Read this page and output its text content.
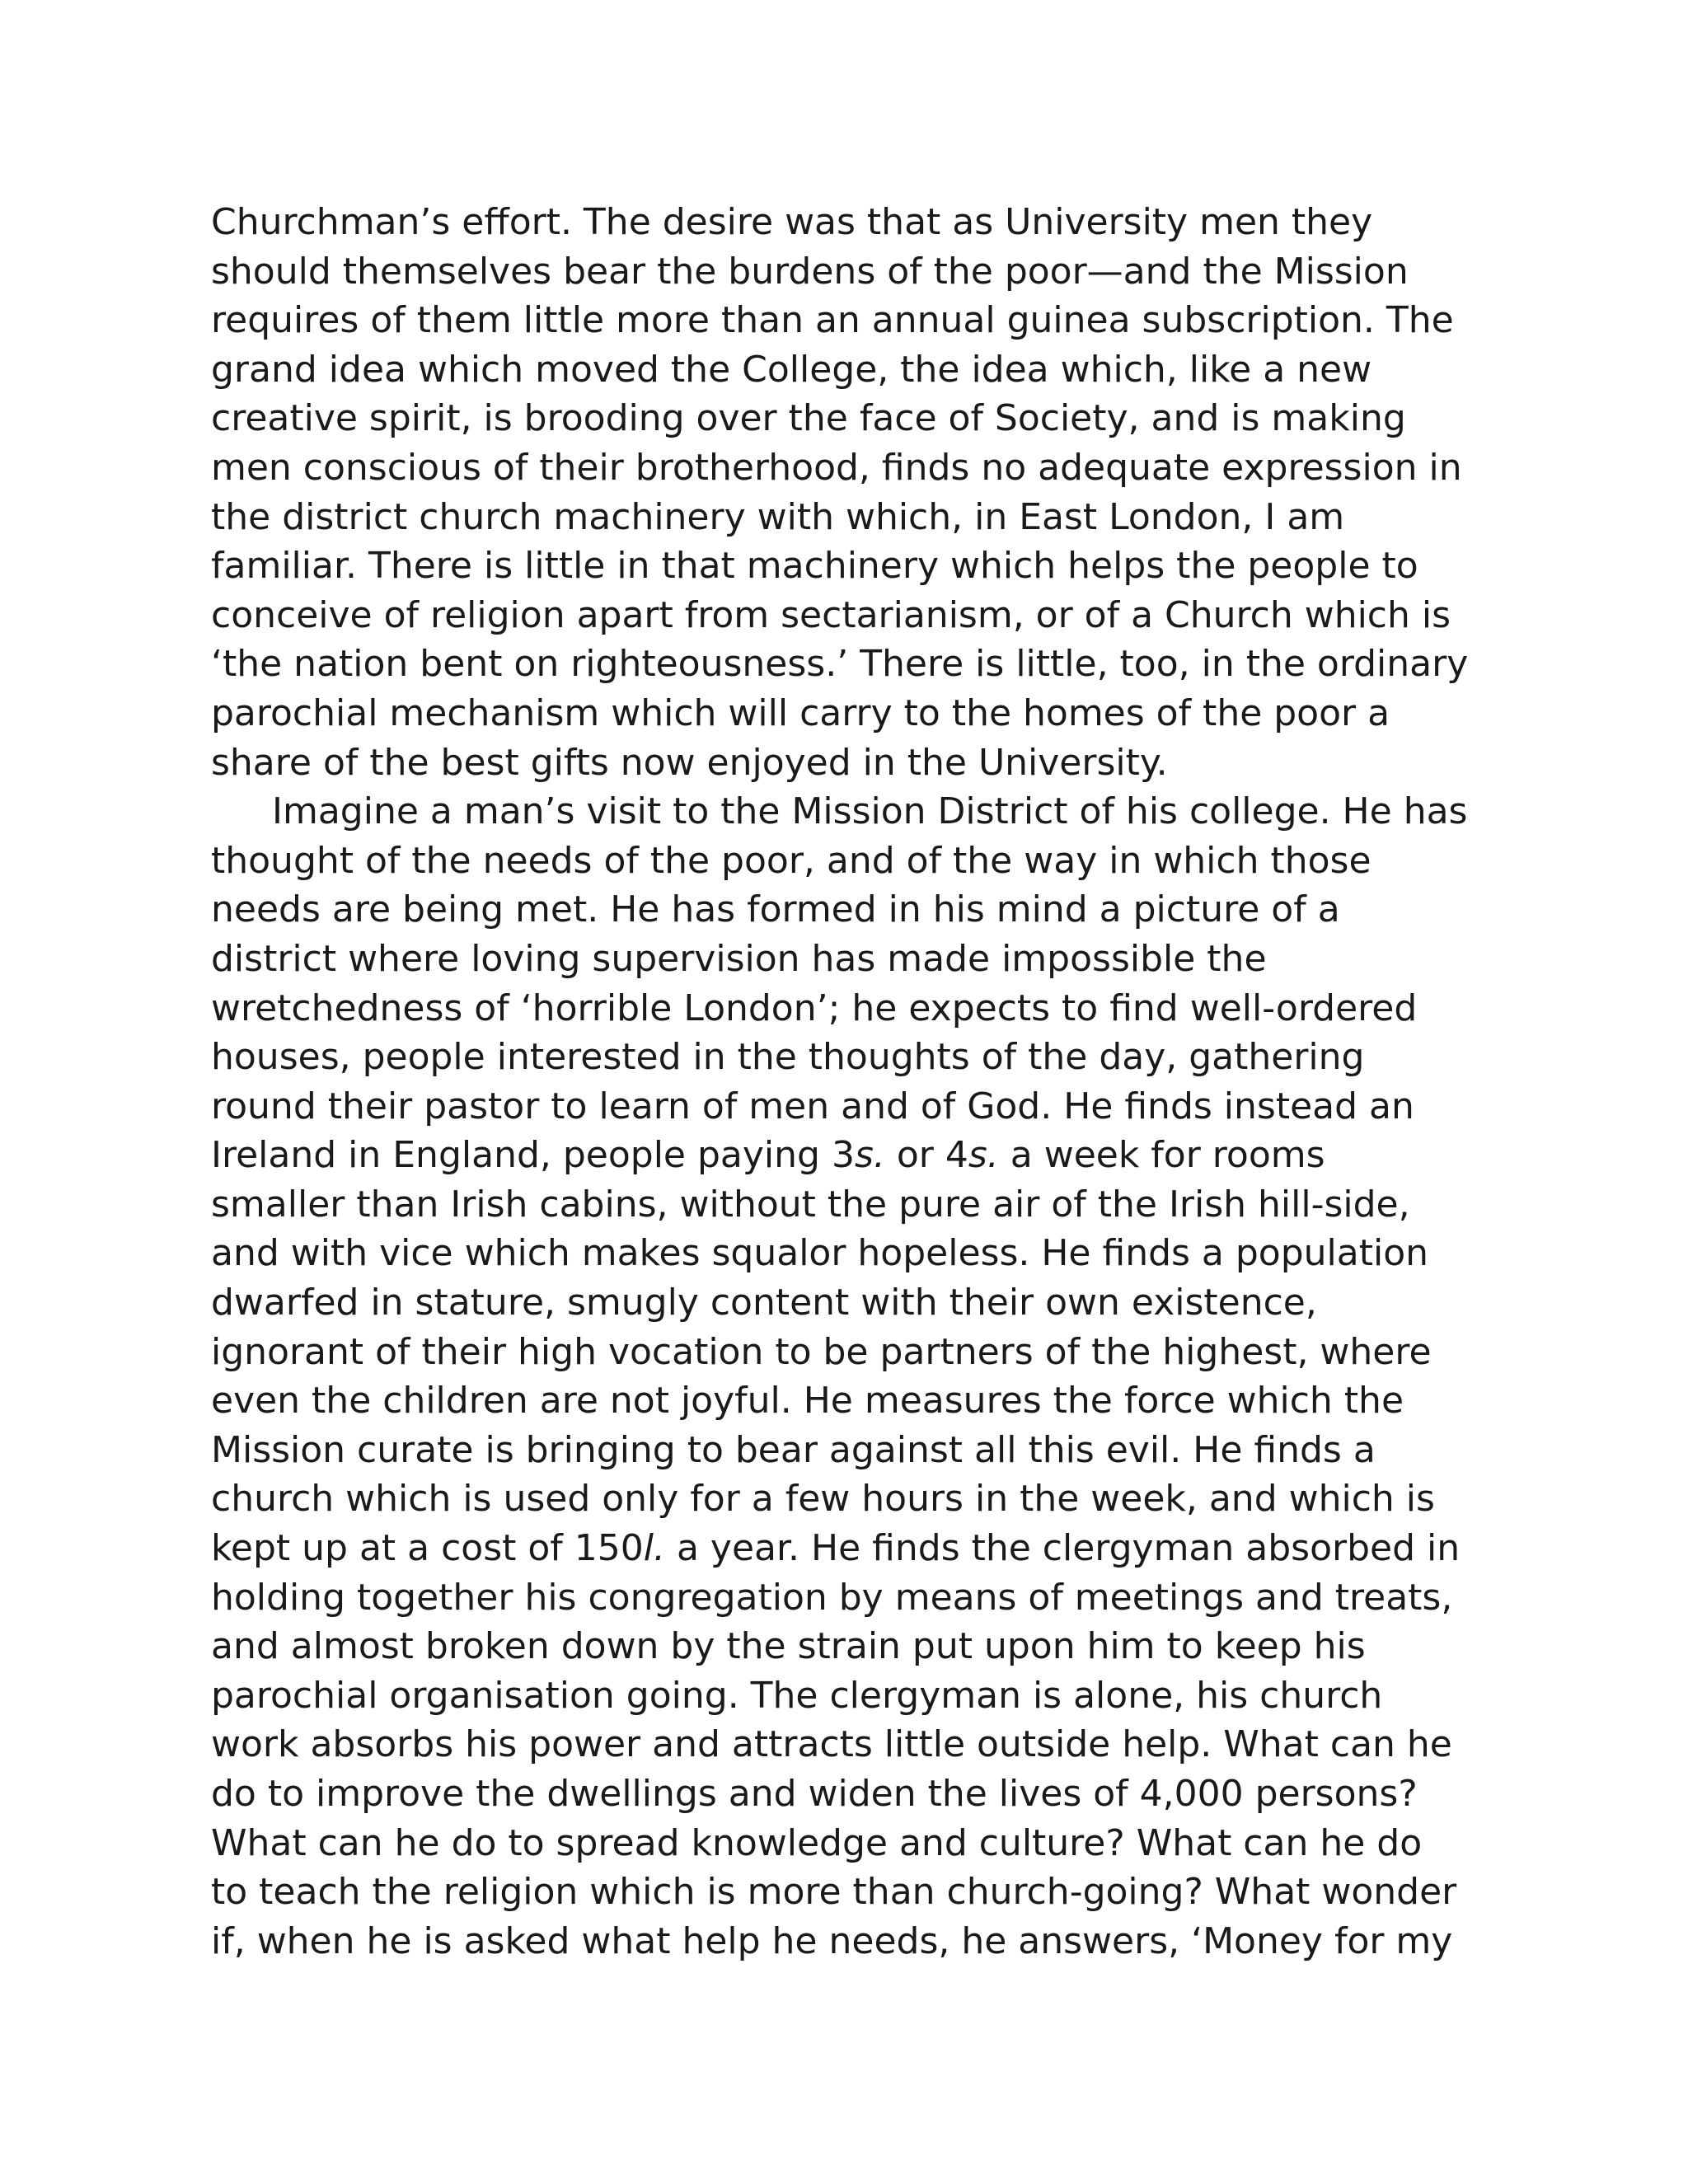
Churchman’s effort. The desire was that as University men they
should themselves bear the burdens of the poor—and the Mission
requires of them little more than an annual guinea subscription. The
grand idea which moved the College, the idea which, like a new
creative spirit, is brooding over the face of Society, and is making
men conscious of their brotherhood, finds no adequate expression in
the district church machinery with which, in East London, I am
familiar. There is little in that machinery which helps the people to
conceive of religion apart from sectarianism, or of a Church which is
‘the nation bent on righteousness.’ There is little, too, in the ordinary
parochial mechanism which will carry to the homes of the poor a
share of the best gifts now enjoyed in the University.
Imagine a man’s visit to the Mission District of his college. He has
thought of the needs of the poor, and of the way in which those
needs are being met. He has formed in his mind a picture of a
district where loving supervision has made impossible the
wretchedness of ‘horrible London’; he expects to find well-ordered
houses, people interested in the thoughts of the day, gathering
round their pastor to learn of men and of God. He finds instead an
Ireland in England, people paying 3s. or 4s. a week for rooms
smaller than Irish cabins, without the pure air of the Irish hill-side,
and with vice which makes squalor hopeless. He finds a population
dwarfed in stature, smugly content with their own existence,
ignorant of their high vocation to be partners of the highest, where
even the children are not joyful. He measures the force which the
Mission curate is bringing to bear against all this evil. He finds a
church which is used only for a few hours in the week, and which is
kept up at a cost of 150l. a year. He finds the clergyman absorbed in
holding together his congregation by means of meetings and treats,
and almost broken down by the strain put upon him to keep his
parochial organisation going. The clergyman is alone, his church
work absorbs his power and attracts little outside help. What can he
do to improve the dwellings and widen the lives of 4,000 persons?
What can he do to spread knowledge and culture? What can he do
to teach the religion which is more than church-going? What wonder
if, when he is asked what help he needs, he answers, ‘Money for my
